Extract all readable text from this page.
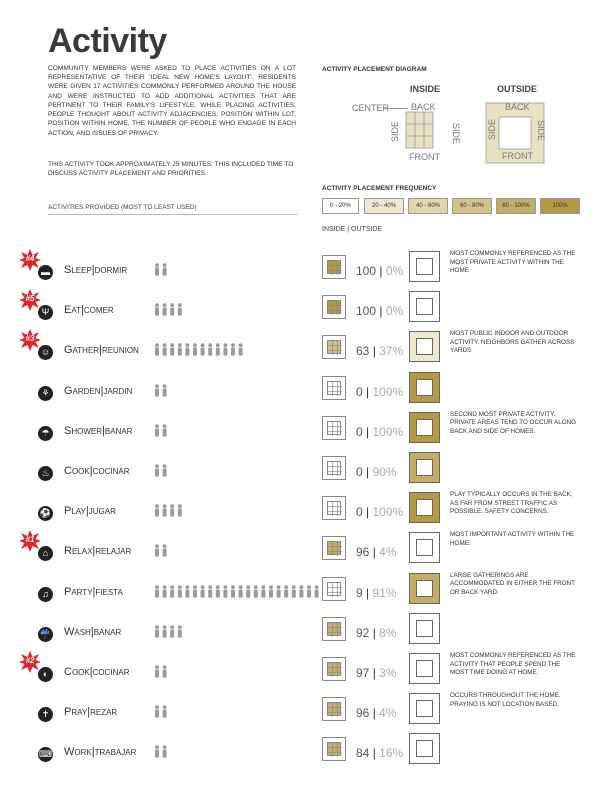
Activity
COMMUNITY MEMBERS WERE ASKED TO PLACE ACTIVITIES ON A LOT REPRESENTATIVE OF THEIR 'IDEAL NEW HOME'S LAYOUT'. RESIDENTS WERE GIVEN 17 ACTIVITIES COMMONLY PERFORMED AROUND THE HOUSE AND WERE INSTRUCTED TO ADD ADDITIONAL ACTIVITIES THAT ARE PERTINENT TO THEIR FAMILY'S LIFESTYLE. WHILE PLACING ACTIVITIES, PEOPLE THOUGHT ABOUT ACTIVITY ADJACENCIES, POSITION WITHIN LOT, POSITION WITHIN HOME, THE NUMBER OF PEOPLE WHO ENGAGE IN EACH ACTION, AND ISSUES OF PRIVACY.
THIS ACTIVITY TOOK APPROXIMATELY 25 MINUTES. THIS INCLUDED TIME TO DISCUSS ACTIVITY PLACEMENT AND PRIORITIES.
ACTIVITIES PROVIDED (MOST TO LEAST USED)
ACTIVITY PLACEMENT DIAGRAM
INSIDE	OUTSIDE
CENTER BACK
FRONT
SIDE	SIDE
BACK
FRONT
SIDE	SIDE
ACTIVITY PLACEMENT FREQUENCY
0 - 20%	20 - 40%	40 - 60%	60 - 80%	80 - 100%	100%
INSIDE | OUTSIDE
#4
▬ Sleep|dormir	100 | 0%
MOST COMMONLY REFERENCED AS THE MOST PRIVATE ACTIVITY WITHIN THE HOME
#5
Ψ	Eat|comer	100 | 0%
#3
☺ Gather|reunion	63 | 37%
MOST PUBLIC INDOOR AND OUTDOOR ACTIVITY. NEIGHBORS GATHER ACROSS YARDS
⚘	Garden|jardin	0 | 100%
☂	Shower|banar	0 | 100%
SECOND MOST PRIVATE ACTIVITY. PRIVATE AREAS TEND TO OCCUR ALONG BACK AND SIDE OF HOMES.
♨	Cook|cocinar	0 | 90%
⚽ Play|jugar	0 | 100%
PLAY TYPICALLY OCCURS IN THE BACK, AS FAR FROM STREET TRAFFIC AS POSSIBLE. SAFETY CONCERNS.
#1
⌂	Relax|relajar	96 | 4%
MOST IMPORTANT ACTIVITY WITHIN THE HOME.
♫	Party|fiesta	9 | 91%
LARGE GATHERINGS ARE ACCOMMODATED IN EITHER THE FRONT OR BACK YARD.
☔ Wash|banar	92 | 8%
#2
◐	Cook|cocinar	97 | 3%
MOST COMMONLY REFERENCED AS THE ACTIVITY THAT PEOPLE SPEND THE MOST TIME DOING AT HOME.
✝	Pray|rezar	96 | 4%
OCCURS THROUGHOUT THE HOME, PRAYING IS NOT LOCATION BASED.
⌨ Work|trabajar	84 | 16%
